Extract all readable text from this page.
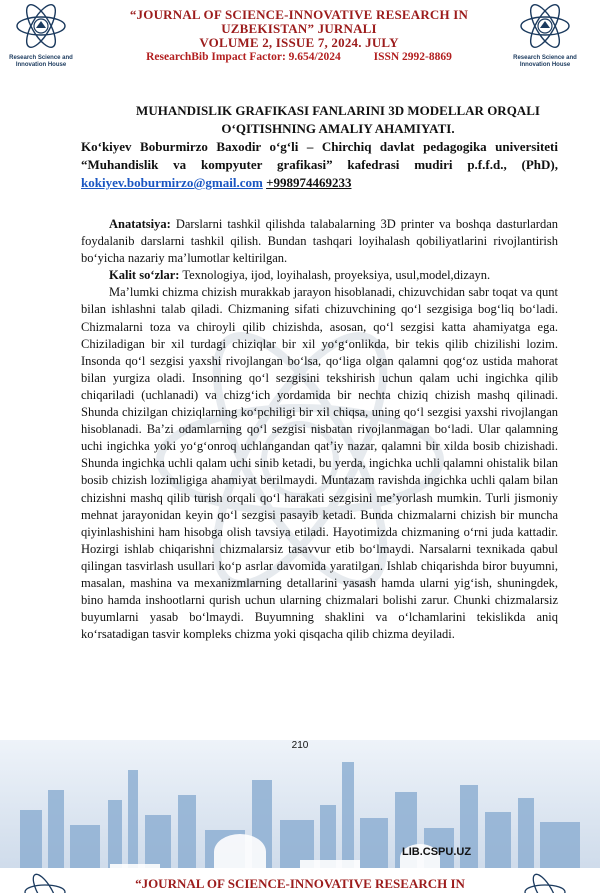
Research Science and Innovation House
“JOURNAL OF SCIENCE-INNOVATIVE RESEARCH IN
UZBEKISTAN” JURNALI
VOLUME 2, ISSUE 7, 2024. JULY
ResearchBib Impact Factor: 9.654/2024	ISSN 2992-8869	Research Science and Innovation House
MUHANDISLIK GRAFIKASI FANLARINI 3D MODELLAR ORQALI O‘QITISHNING AMALIY AHAMIYATI.
Ko‘kiyev Boburmirzo Baxodir o‘g‘li – Chirchiq davlat pedagogika universiteti “Muhandislik va kompyuter grafikasi” kafedrasi mudiri p.f.f.d., (PhD), kokiyev.boburmirzo@gmail.com +998974469233

Anatatsiya: Darslarni tashkil qilishda talabalarning 3D printer va boshqa dasturlardan foydalanib darslarni tashkil qilish. Bundan tashqari loyihalash qobiliyatlarini rivojlantirish bo‘yicha nazariy ma’lumotlar keltirilgan.

Kalit so‘zlar: Texnologiya, ijod, loyihalash, proyeksiya, usul,model,dizayn.

Ma’lumki chizma chizish murakkab jarayon hisoblanadi, chizuvchidan sabr toqat va qunt bilan ishlashni talab qiladi. Chizmaning sifati chizuvchining qo‘l sezgisiga bog‘liq bo‘ladi. Chizmalarni toza va chiroyli qilib chizishda, asosan, qo‘l sezgisi katta ahamiyatga ega. Chiziladigan bir xil turdagi chiziqlar bir xil yo‘g‘onlikda, bir tekis qilib chizilishi lozim. Insonda qo‘l sezgisi yaxshi rivojlangan bo‘lsa, qo‘liga olgan qalamni qog‘oz ustida mahorat bilan yurgiza oladi. Insonning qo‘l sezgisini tekshirish uchun qalam uchi ingichka qilib chiqariladi (uchlanadi) va chizg‘ich yordamida bir nechta chiziq chizish mashq qilinadi. Shunda chizilgan chiziqlarning ko‘pchiligi bir xil chiqsa, uning qo‘l sezgisi yaxshi rivojlangan hisoblanadi. Ba’zi odamlarning qo‘l sezgisi nisbatan rivojlanmagan bo‘ladi. Ular qalamning uchi ingichka yoki yo‘g‘onroq uchlangandan qat’iy nazar, qalamni bir xilda bosib chizishadi. Shunda ingichka uchli qalam uchi sinib ketadi, bu yerda, ingichka uchli qalamni ohistalik bilan bosib chizish lozimligiga ahamiyat berilmaydi. Muntazam ravishda ingichka uchli qalam bilan chizishni mashq qilib turish orqali qo‘l harakati sezgisini me’yorlash mumkin. Turli jismoniy mehnat jarayonidan keyin qo‘l sezgisi pasayib ketadi. Bunda chizmalarni chizish bir muncha qiyinlashishini ham hisobga olish tavsiya etiladi. Hayotimizda chizmaning o‘rni juda kattadir. Hozirgi ishlab chiqarishni chizmalarsiz tasavvur etib bo‘lmaydi. Narsalarni texnikada qabul qilingan tasvirlash usullari ko‘p asrlar davomida yaratilgan. Ishlab chiqarishda biror buyumni, masalan, mashina va mexanizmlarning detallarini yasash hamda ularni yig‘ish, shuningdek, bino hamda inshootlarni qurish uchun ularning chizmalari bolishi zarur. Chunki chizmalarsiz buyumlarni yasab bo‘lmaydi. Buyumning shaklini va o‘lchamlarini tekislikda aniq ko‘rsatadigan tasvir kompleks chizma yoki qisqacha qilib chizma deyiladi.

210
LIB.CSPU.UZ
“JOURNAL OF SCIENCE-INNOVATIVE RESEARCH IN
